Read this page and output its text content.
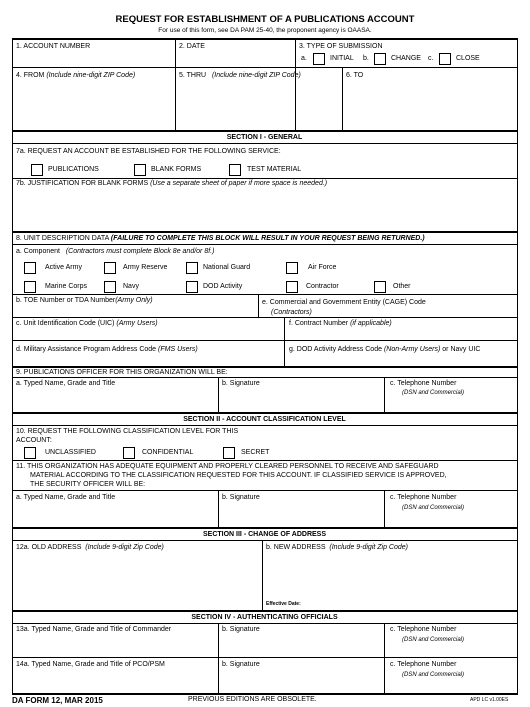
REQUEST FOR ESTABLISHMENT OF A PUBLICATIONS ACCOUNT
For use of this form, see DA PAM 25-40, the proponent agency is OAASA.
1. ACCOUNT NUMBER	2. DATE	3. TYPE OF SUBMISSION
a.	INITIAL b.	CHANGE c.	CLOSE
4. FROM (Include nine-digit ZIP Code)	5. THRU (Include nine-digit ZIP Code)	6. TO
SECTION I - GENERAL
7a. REQUEST AN ACCOUNT BE ESTABLISHED FOR THE FOLLOWING SERVICE:
PUBLICATIONS	BLANK FORMS	TEST MATERIAL
7b. JUSTIFICATION FOR BLANK FORMS (Use a separate sheet of paper if more space is needed.)
8. UNIT DESCRIPTION DATA (FAILURE TO COMPLETE THIS BLOCK WILL RESULT IN YOUR REQUEST BEING RETURNED.)
a. Component (Contractors must complete Block 8e and/or 8f.)
Active Army	Army Reserve	National Guard	Air Force
Marine Corps	Navy	DOD Activity	Contractor	Other
b. TOE Number or TDA Number(Army Only)	e. Commercial and Government Entity (CAGE) Code
(Contractors)
c. Unit Identification Code (UIC) (Army Users)	f. Contract Number (if applicable)
d. Military Assistance Program Address Code (FMS Users)	g. DOD Activity Address Code (Non-Army Users) or Navy UIC
9. PUBLICATIONS OFFICER FOR THIS ORGANIZATION WILL BE:
a. Typed Name, Grade and Title	b. Signature	c. Telephone Number
(DSN and Commercial)
SECTION II - ACCOUNT CLASSIFICATION LEVEL
10. REQUEST THE FOLLOWING CLASSIFICATION LEVEL FOR THIS
ACCOUNT:
UNCLASSIFIED	CONFIDENTIAL	SECRET
11. THIS ORGANIZATION HAS ADEQUATE EQUIPMENT AND PROPERLY CLEARED PERSONNEL TO RECEIVE AND SAFEGUARD
MATERIAL ACCORDING TO THE CLASSIFICATION REQUESTED FOR THIS ACCOUNT. IF CLASSIFIED SERVICE IS APPROVED,
THE SECURITY OFFICER WILL BE:
a. Typed Name, Grade and Title	b. Signature	c. Telephone Number
(DSN and Commercial)
SECTION III - CHANGE OF ADDRESS
12a. OLD ADDRESS (Include 9-digit Zip Code)	b. NEW ADDRESS (Include 9-digit Zip Code)
Effective Date:
SECTION IV - AUTHENTICATING OFFICIALS
13a. Typed Name, Grade and Title of Commander	b. Signature	c. Telephone Number
(DSN and Commercial)
14a. Typed Name, Grade and Title of PCO/PSM	b. Signature	c. Telephone Number
(DSN and Commercial)
DA FORM 12, MAR 2015	PREVIOUS EDITIONS ARE OBSOLETE.	APD LC v1.00ES
